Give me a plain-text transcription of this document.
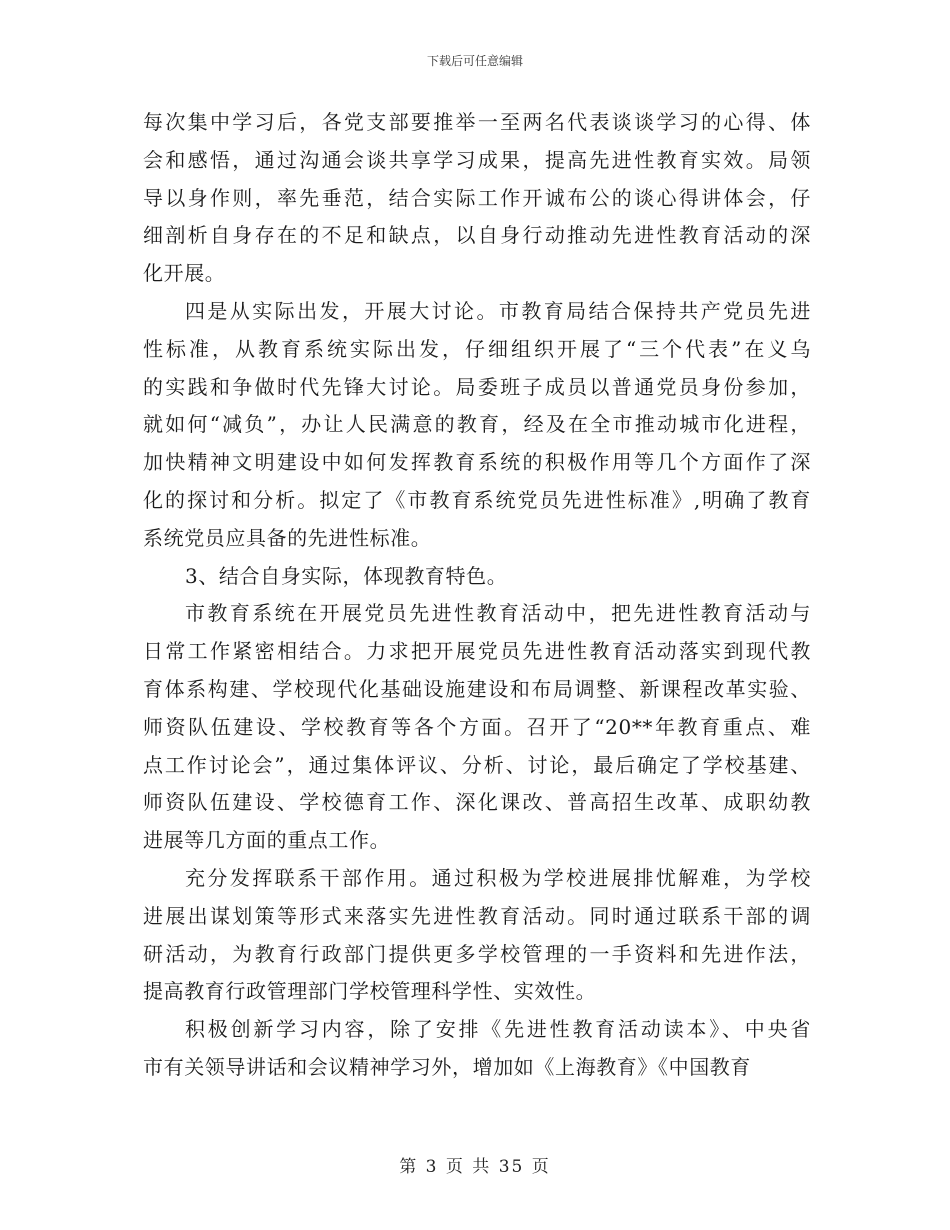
下载后可任意编辑
每次集中学习后，各党支部要推举一至两名代表谈谈学习的心得、体
会和感悟，通过沟通会谈共享学习成果，提高先进性教育实效。局领
导以身作则，率先垂范，结合实际工作开诚布公的谈心得讲体会，仔
细剖析自身存在的不足和缺点，以自身行动推动先进性教育活动的深
化开展。
四是从实际出发，开展大讨论。市教育局结合保持共产党员先进
性标准，从教育系统实际出发，仔细组织开展了“三个代表”在义乌
的实践和争做时代先锋大讨论。局委班子成员以普通党员身份参加，
就如何“减负”，办让人民满意的教育，经及在全市推动城市化进程，
加快精神文明建设中如何发挥教育系统的积极作用等几个方面作了深
化的探讨和分析。拟定了《市教育系统党员先进性标准》,明确了教育
系统党员应具备的先进性标准。
3、结合自身实际，体现教育特色。
市教育系统在开展党员先进性教育活动中，把先进性教育活动与
日常工作紧密相结合。力求把开展党员先进性教育活动落实到现代教
育体系构建、学校现代化基础设施建设和布局调整、新课程改革实验、
师资队伍建设、学校教育等各个方面。召开了“20**年教育重点、难
点工作讨论会”，通过集体评议、分析、讨论，最后确定了学校基建、
师资队伍建设、学校德育工作、深化课改、普高招生改革、成职幼教
进展等几方面的重点工作。
充分发挥联系干部作用。通过积极为学校进展排忧解难，为学校
进展出谋划策等形式来落实先进性教育活动。同时通过联系干部的调
研活动，为教育行政部门提供更多学校管理的一手资料和先进作法，
提高教育行政管理部门学校管理科学性、实效性。
积极创新学习内容，除了安排《先进性教育活动读本》、中央省
市有关领导讲话和会议精神学习外，增加如《上海教育》《中国教育
第 3 页 共 35 页
